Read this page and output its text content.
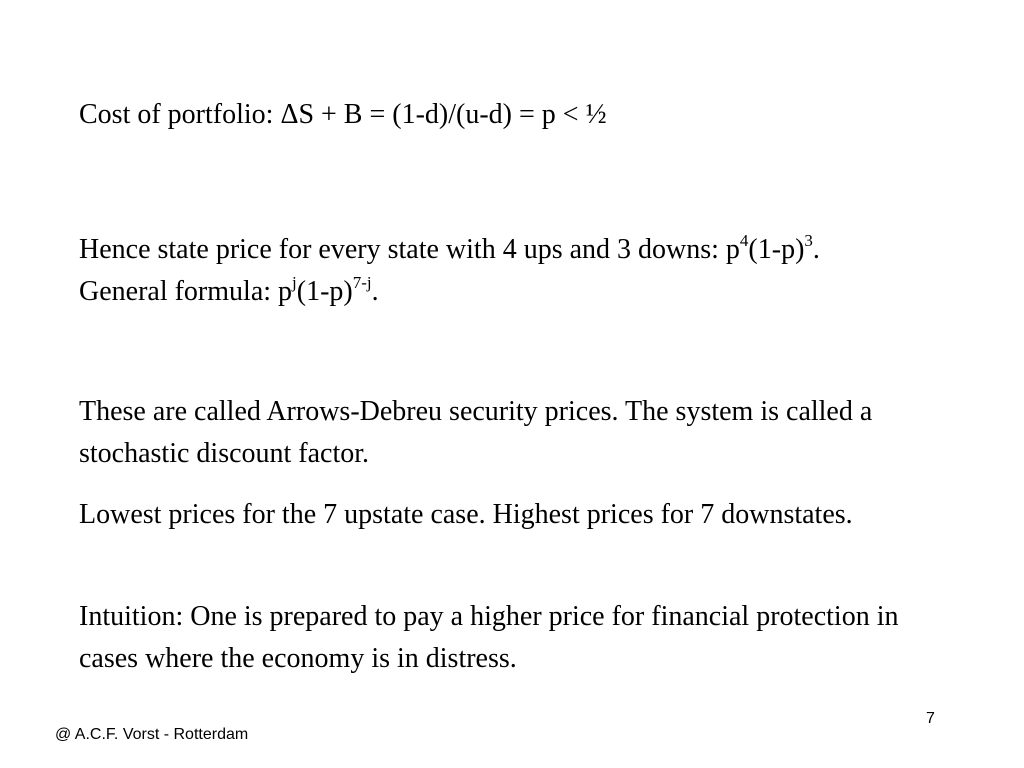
Cost of portfolio: ΔS + B = (1-d)/(u-d) = p < ½

Hence state price for every state with 4 ups and 3 downs: $p^4(1-p)^3$.

General formula: $p^j(1-p)^{7-j}$.

These are called Arrows-Debreu security prices. The system is called a stochastic discount factor.

Lowest prices for the 7 upstate case. Highest prices for 7 downstates.

Intuition: One is prepared to pay a higher price for financial protection in cases where the economy is in distress.

@ A.C.F. Vorst - Rotterdam
7
